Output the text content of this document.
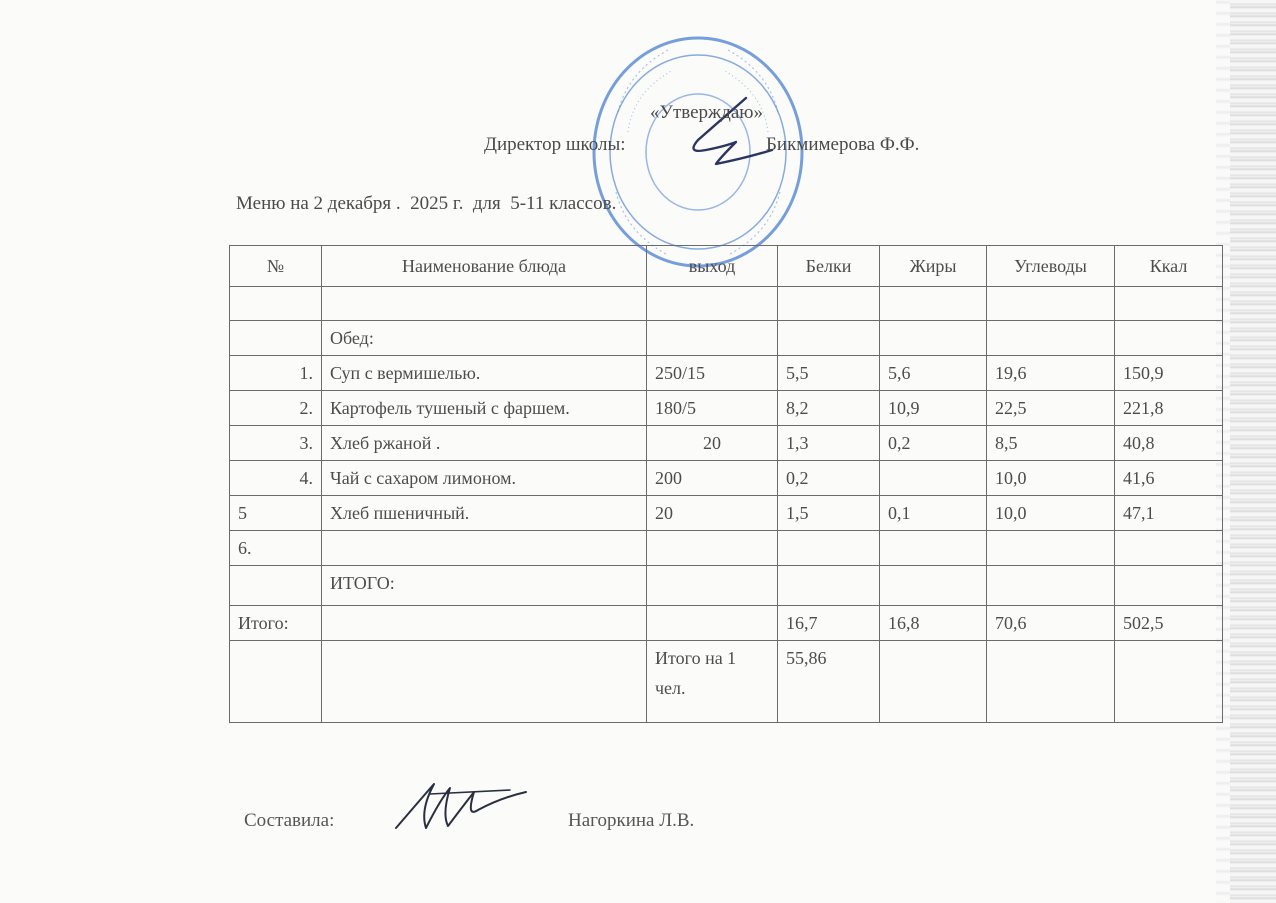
«Утверждаю»
Директор школы:	Бикмимерова Ф.Ф.
Меню на 2 декабря .  2025 г.  для  5-11 классов.
№	Наименование блюда	выход	Белки	Жиры	Углеводы	Ккал

	Обед:					
1.	Суп с вермишелью.	250/15	5,5	5,6	19,6	150,9
2.	Картофель тушеный с фаршем.	180/5	8,2	10,9	22,5	221,8
3.	Хлеб ржаной .	20	1,3	0,2	8,5	40,8
4.	Чай с сахаром лимоном.	200	0,2		10,0	41,6
5	Хлеб пшеничный.	20	1,5	0,1	10,0	47,1
6.						
	ИТОГО:					
Итого:			16,7	16,8	70,6	502,5
		Итого на 1 чел.	55,86			
Составила:	Нагоркина Л.В.
